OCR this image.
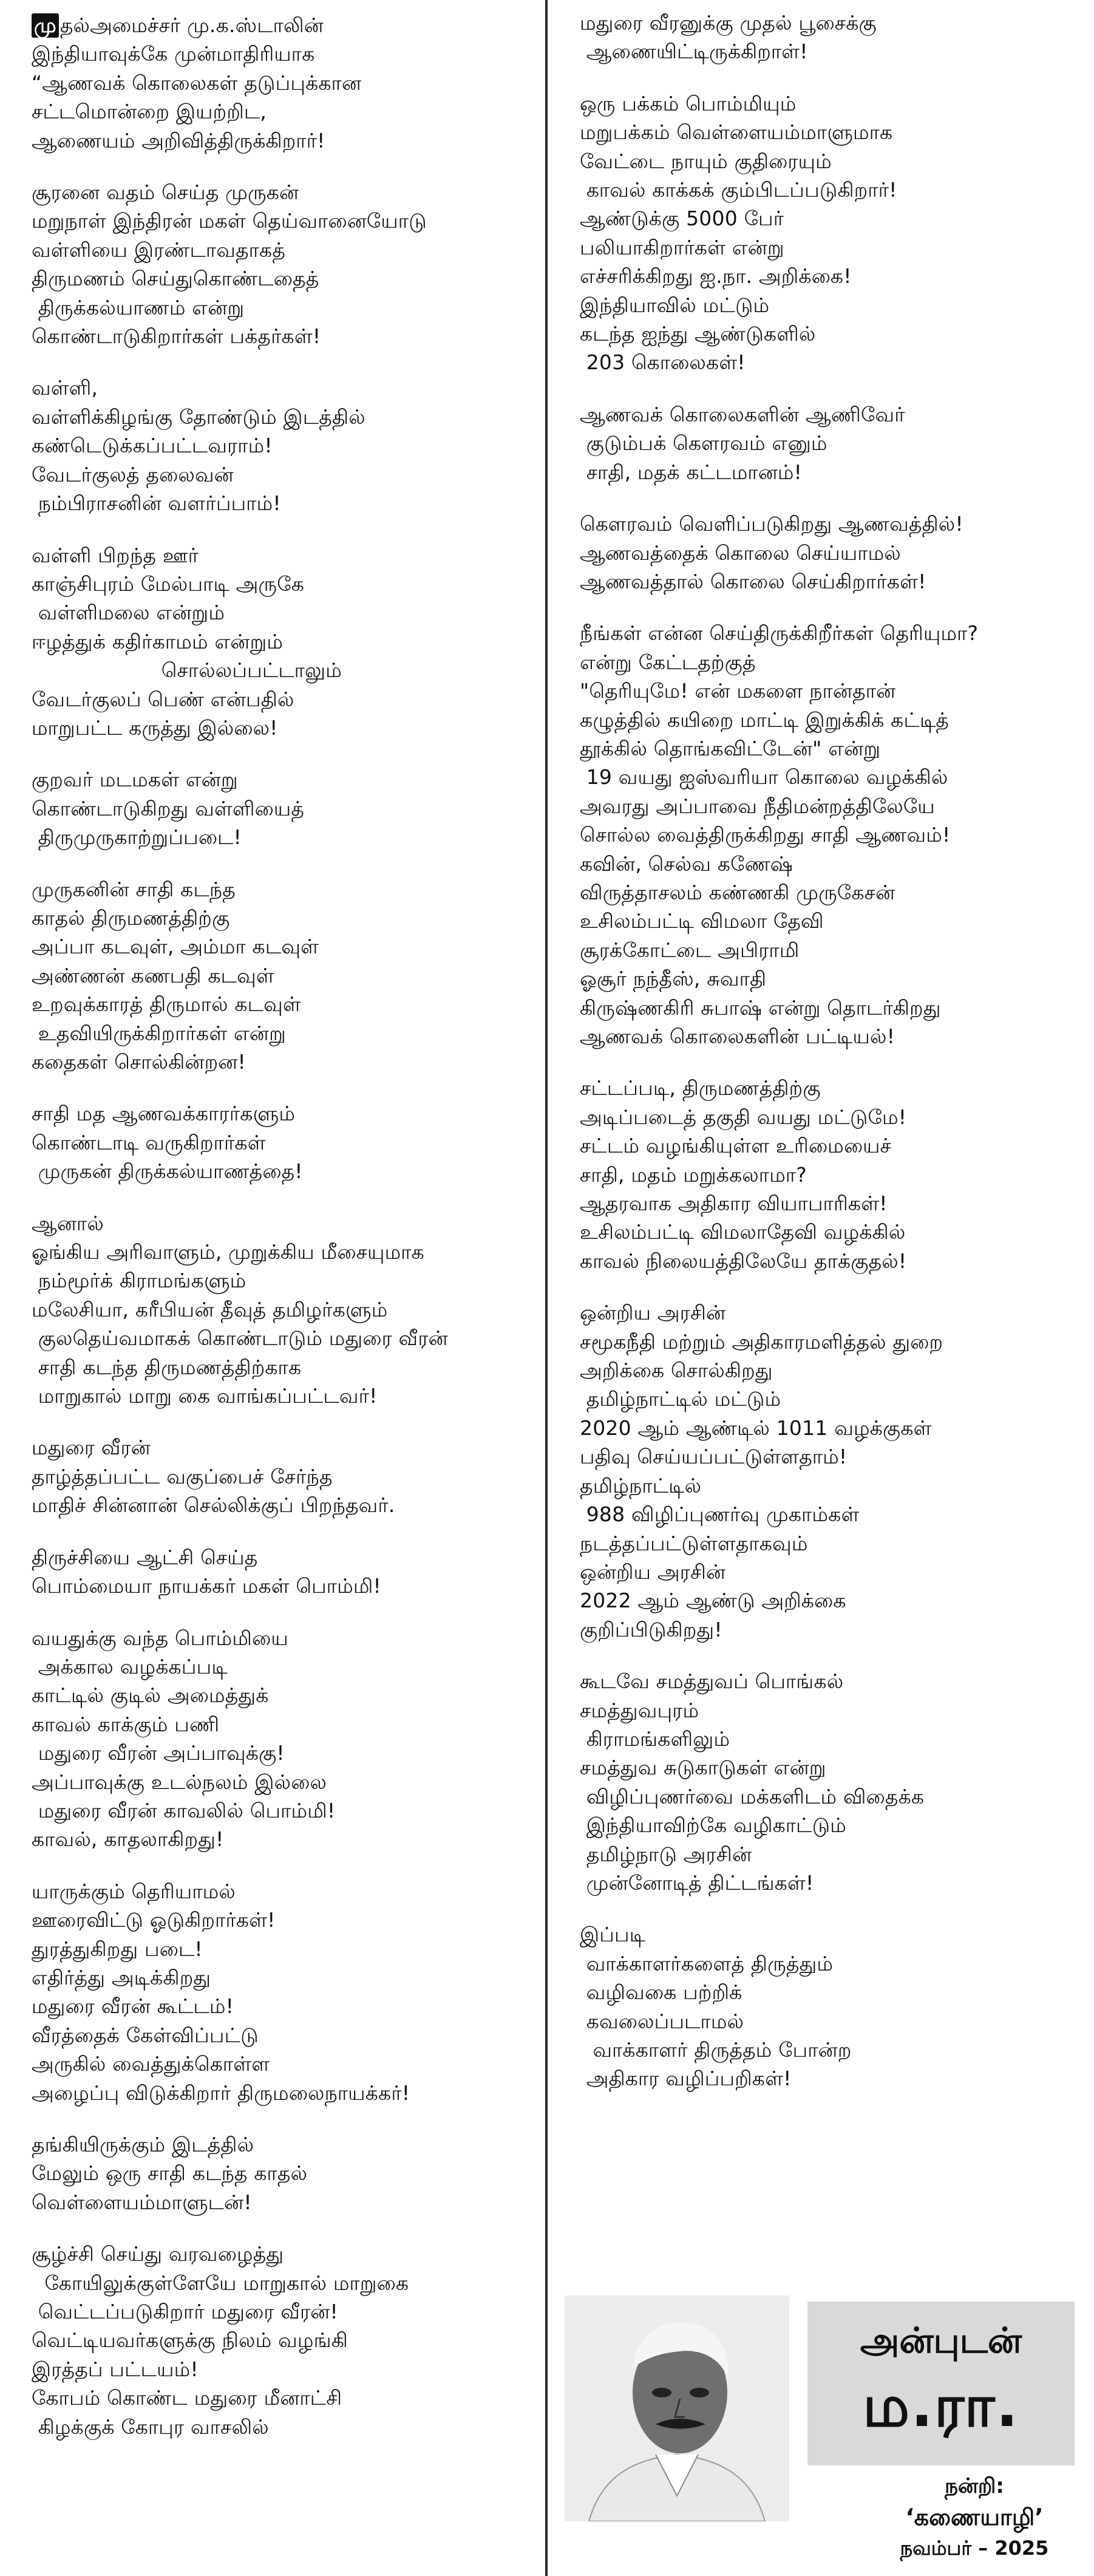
மு தல்அமைச்சர் மு.க.ஸ்டாலின்
இந்தியாவுக்கே முன்மாதிரியாக
“ஆணவக் கொலைகள் தடுப்புக்கான
சட்டமொன்றை இயற்றிட,
ஆணையம் அறிவித்திருக்கிறார்!
சூரனை வதம் செய்த முருகன்
மறுநாள் இந்திரன் மகள் தெய்வானையோடு
வள்ளியை இரண்டாவதாகத்
திருமணம் செய்துகொண்டதைத்
திருக்கல்யாணம் என்று
கொண்டாடுகிறார்கள் பக்தர்கள்!
வள்ளி,
வள்ளிக்கிழங்கு தோண்டும் இடத்தில்
கண்டெடுக்கப்பட்டவராம்!
வேடர்குலத் தலைவன்
நம்பிராசனின் வளர்ப்பாம்!
வள்ளி பிறந்த ஊர்
காஞ்சிபுரம் மேல்பாடி அருகே
வள்ளிமலை என்றும்
ஈழத்துக் கதிர்காமம் என்றும்
சொல்லப்பட்டாலும்
வேடர்குலப் பெண் என்பதில்
மாறுபட்ட கருத்து இல்லை!
குறவர் மடமகள் என்று
கொண்டாடுகிறது வள்ளியைத்
திருமுருகாற்றுப்படை!
முருகனின் சாதி கடந்த
காதல் திருமணத்திற்கு
அப்பா கடவுள், அம்மா கடவுள்
அண்ணன் கணபதி கடவுள்
உறவுக்காரத் திருமால் கடவுள்
உதவியிருக்கிறார்கள் என்று
கதைகள் சொல்கின்றன!
சாதி மத ஆணவக்காரர்களும்
கொண்டாடி வருகிறார்கள்
முருகன் திருக்கல்யாணத்தை!
ஆனால்
ஓங்கிய அரிவாளும், முறுக்கிய மீசையுமாக
நம்மூர்க் கிராமங்களும்
மலேசியா, கரீபியன் தீவுத் தமிழர்களும்
குலதெய்வமாகக் கொண்டாடும் மதுரை வீரன்
சாதி கடந்த திருமணத்திற்காக
மாறுகால் மாறு கை வாங்கப்பட்டவர்!
மதுரை வீரன்
தாழ்த்தப்பட்ட வகுப்பைச் சேர்ந்த
மாதிச் சின்னான் செல்லிக்குப் பிறந்தவர்.
திருச்சியை ஆட்சி செய்த
பொம்மையா நாயக்கர் மகள் பொம்மி!
வயதுக்கு வந்த பொம்மியை
அக்கால வழக்கப்படி
காட்டில் குடில் அமைத்துக்
காவல் காக்கும் பணி
மதுரை வீரன் அப்பாவுக்கு!
அப்பாவுக்கு உடல்நலம் இல்லை
மதுரை வீரன் காவலில் பொம்மி!
காவல், காதலாகிறது!
யாருக்கும் தெரியாமல்
ஊரைவிட்டு ஓடுகிறார்கள்!
துரத்துகிறது படை!
எதிர்த்து அடிக்கிறது
மதுரை வீரன் கூட்டம்!
வீரத்தைக் கேள்விப்பட்டு
அருகில் வைத்துக்கொள்ள
அழைப்பு விடுக்கிறார் திருமலைநாயக்கர்!
தங்கியிருக்கும் இடத்தில்
மேலும் ஒரு சாதி கடந்த காதல்
வெள்ளையம்மாளுடன்!
சூழ்ச்சி செய்து வரவழைத்து
கோயிலுக்குள்ளேயே மாறுகால் மாறுகை
வெட்டப்படுகிறார் மதுரை வீரன்!
வெட்டியவர்களுக்கு நிலம் வழங்கி
இரத்தப் பட்டயம்!
கோபம் கொண்ட மதுரை மீனாட்சி
கிழக்குக் கோபுர வாசலில்
மதுரை வீரனுக்கு முதல் பூசைக்கு
ஆணையிட்டிருக்கிறாள்!
ஒரு பக்கம் பொம்மியும்
மறுபக்கம் வெள்ளையம்மாளுமாக
வேட்டை நாயும் குதிரையும்
காவல் காக்கக் கும்பிடப்படுகிறார்!
ஆண்டுக்கு 5000 பேர்
பலியாகிறார்கள் என்று
எச்சரிக்கிறது ஐ.நா. அறிக்கை!
இந்தியாவில் மட்டும்
கடந்த ஐந்து ஆண்டுகளில்
203 கொலைகள்!
ஆணவக் கொலைகளின் ஆணிவேர்
குடும்பக் கௌரவம் எனும்
சாதி, மதக் கட்டமானம்!
கௌரவம் வெளிப்படுகிறது ஆணவத்தில்!
ஆணவத்தைக் கொலை செய்யாமல்
ஆணவத்தால் கொலை செய்கிறார்கள்!
நீங்கள் என்ன செய்திருக்கிறீர்கள் தெரியுமா?
என்று கேட்டதற்குத்
"தெரியுமே! என் மகளை நான்தான்
கழுத்தில் கயிறை மாட்டி இறுக்கிக் கட்டித்
தூக்கில் தொங்கவிட்டேன்" என்று
19 வயது ஐஸ்வரியா கொலை வழக்கில்
அவரது அப்பாவை நீதிமன்றத்திலேயே
சொல்ல வைத்திருக்கிறது சாதி ஆணவம்!
கவின், செல்வ கணேஷ்
விருத்தாசலம் கண்ணகி முருகேசன்
உசிலம்பட்டி விமலா தேவி
சூரக்கோட்டை அபிராமி
ஓசூர் நந்தீஸ், சுவாதி
கிருஷ்ணகிரி சுபாஷ் என்று தொடர்கிறது
ஆணவக் கொலைகளின் பட்டியல்!
சட்டப்படி, திருமணத்திற்கு
அடிப்படைத் தகுதி வயது மட்டுமே!
சட்டம் வழங்கியுள்ள உரிமையைச்
சாதி, மதம் மறுக்கலாமா?
ஆதரவாக அதிகார வியாபாரிகள்!
உசிலம்பட்டி விமலாதேவி வழக்கில்
காவல் நிலையத்திலேயே தாக்குதல்!
ஒன்றிய அரசின்
சமூகநீதி மற்றும் அதிகாரமளித்தல் துறை
அறிக்கை சொல்கிறது
தமிழ்நாட்டில் மட்டும்
2020 ஆம் ஆண்டில் 1011 வழக்குகள்
பதிவு செய்யப்பட்டுள்ளதாம்!
தமிழ்நாட்டில்
988 விழிப்புணர்வு முகாம்கள்
நடத்தப்பட்டுள்ளதாகவும்
ஒன்றிய அரசின்
2022 ஆம் ஆண்டு அறிக்கை
குறிப்பிடுகிறது!
கூடவே சமத்துவப் பொங்கல்
சமத்துவபுரம்
கிராமங்களிலும்
சமத்துவ சுடுகாடுகள் என்று
விழிப்புணர்வை மக்களிடம் விதைக்க
இந்தியாவிற்கே வழிகாட்டும்
தமிழ்நாடு அரசின்
முன்னோடித் திட்டங்கள்!
இப்படி
வாக்காளர்களைத் திருத்தும்
வழிவகை பற்றிக்
கவலைப்படாமல்
வாக்காளர் திருத்தம் போன்ற
அதிகார வழிப்பறிகள்!
அன்புடன்
ம.ரா.
நன்றி:
‘கணையாழி’
நவம்பர் – 2025
